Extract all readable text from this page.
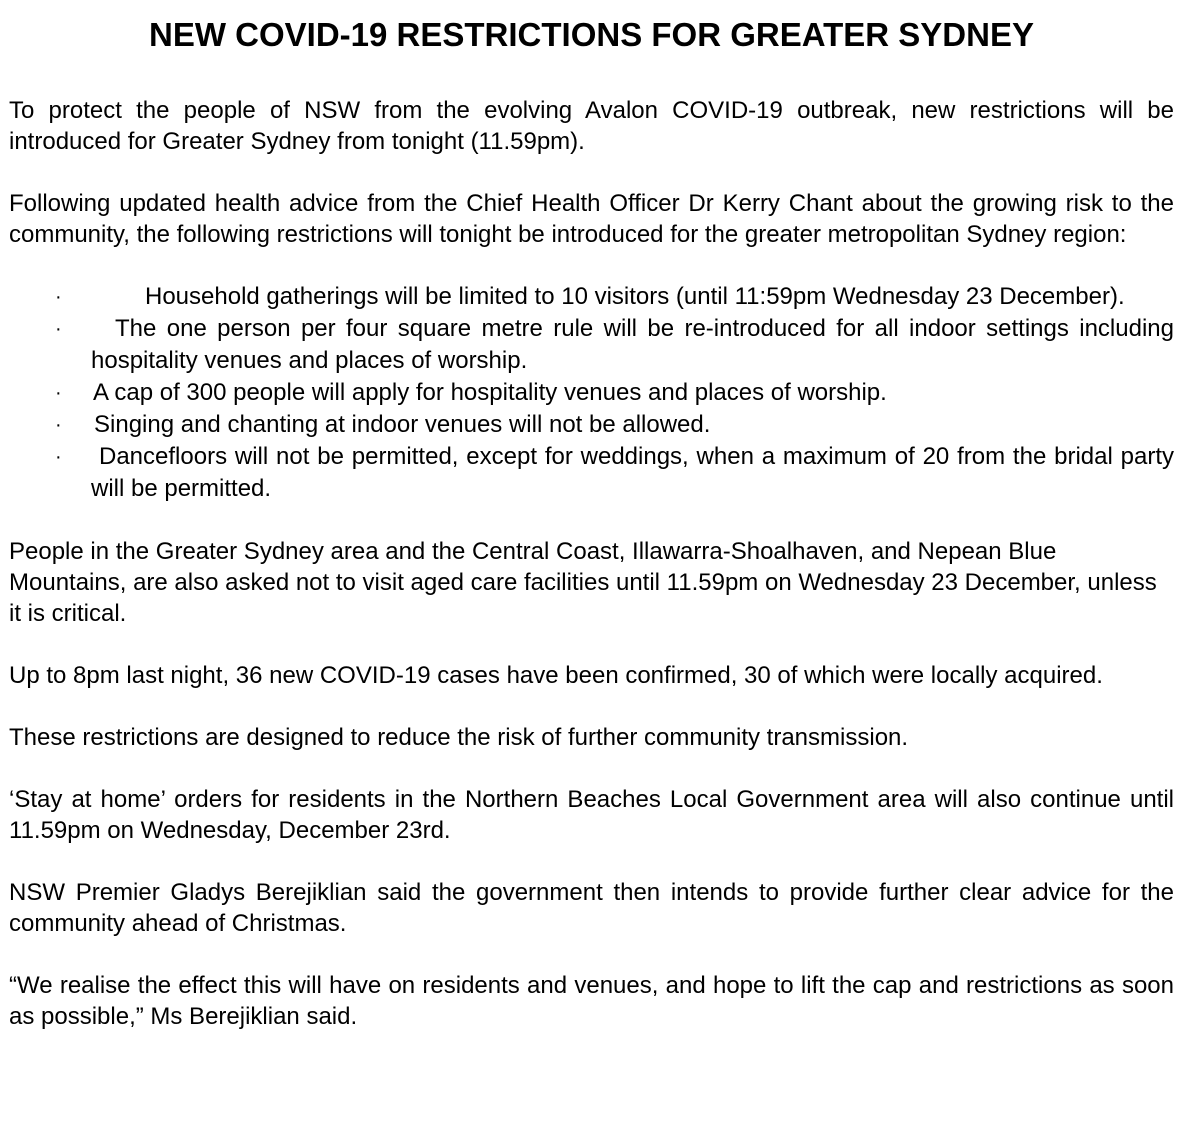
NEW COVID-19 RESTRICTIONS FOR GREATER SYDNEY

To protect the people of NSW from the evolving Avalon COVID-19 outbreak, new restrictions will be introduced for Greater Sydney from tonight (11.59pm).

Following updated health advice from the Chief Health Officer Dr Kerry Chant about the growing risk to the community, the following restrictions will tonight be introduced for the greater metropolitan Sydney region:

·	Household gatherings will be limited to 10 visitors (until 11:59pm Wednesday 23 December).
· The one person per four square metre rule will be re-introduced for all indoor settings including hospitality venues and places of worship.
· A cap of 300 people will apply for hospitality venues and places of worship.
· Singing and chanting at indoor venues will not be allowed.
· Dancefloors will not be permitted, except for weddings, when a maximum of 20 from the bridal party will be permitted.

People in the Greater Sydney area and the Central Coast, Illawarra-Shoalhaven, and Nepean Blue Mountains, are also asked not to visit aged care facilities until 11.59pm on Wednesday 23 December, unless it is critical.

Up to 8pm last night, 36 new COVID-19 cases have been confirmed, 30 of which were locally acquired.

These restrictions are designed to reduce the risk of further community transmission.

‘Stay at home’ orders for residents in the Northern Beaches Local Government area will also continue until 11.59pm on Wednesday, December 23rd.

NSW Premier Gladys Berejiklian said the government then intends to provide further clear advice for the community ahead of Christmas.

“We realise the effect this will have on residents and venues, and hope to lift the cap and restrictions as soon as possible,” Ms Berejiklian said.
